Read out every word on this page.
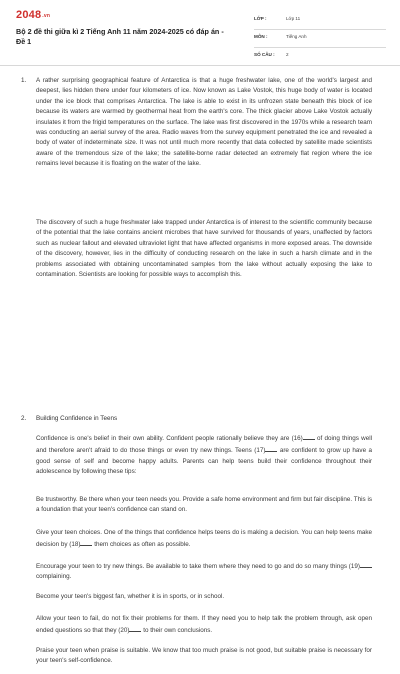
2048.vn
Bộ 2 đề thi giữa kì 2 Tiếng Anh 11 năm 2024-2025 có đáp án - Đề 1
LỚP :	Lớp 11
MÔN :	Tiếng Anh
SỐ CÂU : 2
1. A rather surprising geographical feature of Antarctica is that a huge freshwater lake, one of the world's largest and deepest, lies hidden there under four kilometers of ice. Now known as Lake Vostok, this huge body of water is located under the ice block that comprises Antarctica. The lake is able to exist in its unfrozen state beneath this block of ice because its waters are warmed by geothermal heat from the earth's core. The thick glacier above Lake Vostok actually insulates it from the frigid temperatures on the surface. The lake was first discovered in the 1970s while a research team was conducting an aerial survey of the area. Radio waves from the survey equipment penetrated the ice and revealed a body of water of indeterminate size. It was not until much more recently that data collected by satellite made scientists aware of the tremendous size of the lake; the satellite-borne radar detected an extremely flat region where the ice remains level because it is floating on the water of the lake.

The discovery of such a huge freshwater lake trapped under Antarctica is of interest to the scientific community because of the potential that the lake contains ancient microbes that have survived for thousands of years, unaffected by factors such as nuclear fallout and elevated ultraviolet light that have affected organisms in more exposed areas. The downside of the discovery, however, lies in the difficulty of conducting research on the lake in such a harsh climate and in the problems associated with obtaining uncontaminated samples from the lake without actually exposing the lake to contamination. Scientists are looking for possible ways to accomplish this.

2. Building Confidence in Teens

Confidence is one's belief in their own ability. Confident people rationally believe they are (16) of doing things well and therefore aren't afraid to do those things or even try new things. Teens (17) are confident to grow up have a good sense of self and become happy adults. Parents can help teens build their confidence throughout their adolescence by following these tips:

Be trustworthy. Be there when your teen needs you. Provide a safe home environment and firm but fair discipline. This is a foundation that your teen's confidence can stand on.

Give your teen choices. One of the things that confidence helps teens do is making a decision. You can help teens make decision by (18) them choices as often as possible.

Encourage your teen to try new things. Be available to take them where they need to go and do so many things (19) complaining.

Become your teen's biggest fan, whether it is in sports, or in school.

Allow your teen to fail, do not fix their problems for them. If they need you to help talk the problem through, ask open ended questions so that they (20) to their own conclusions.

Praise your teen when praise is suitable. We know that too much praise is not good, but suitable praise is necessary for your teen's self-confidence.
